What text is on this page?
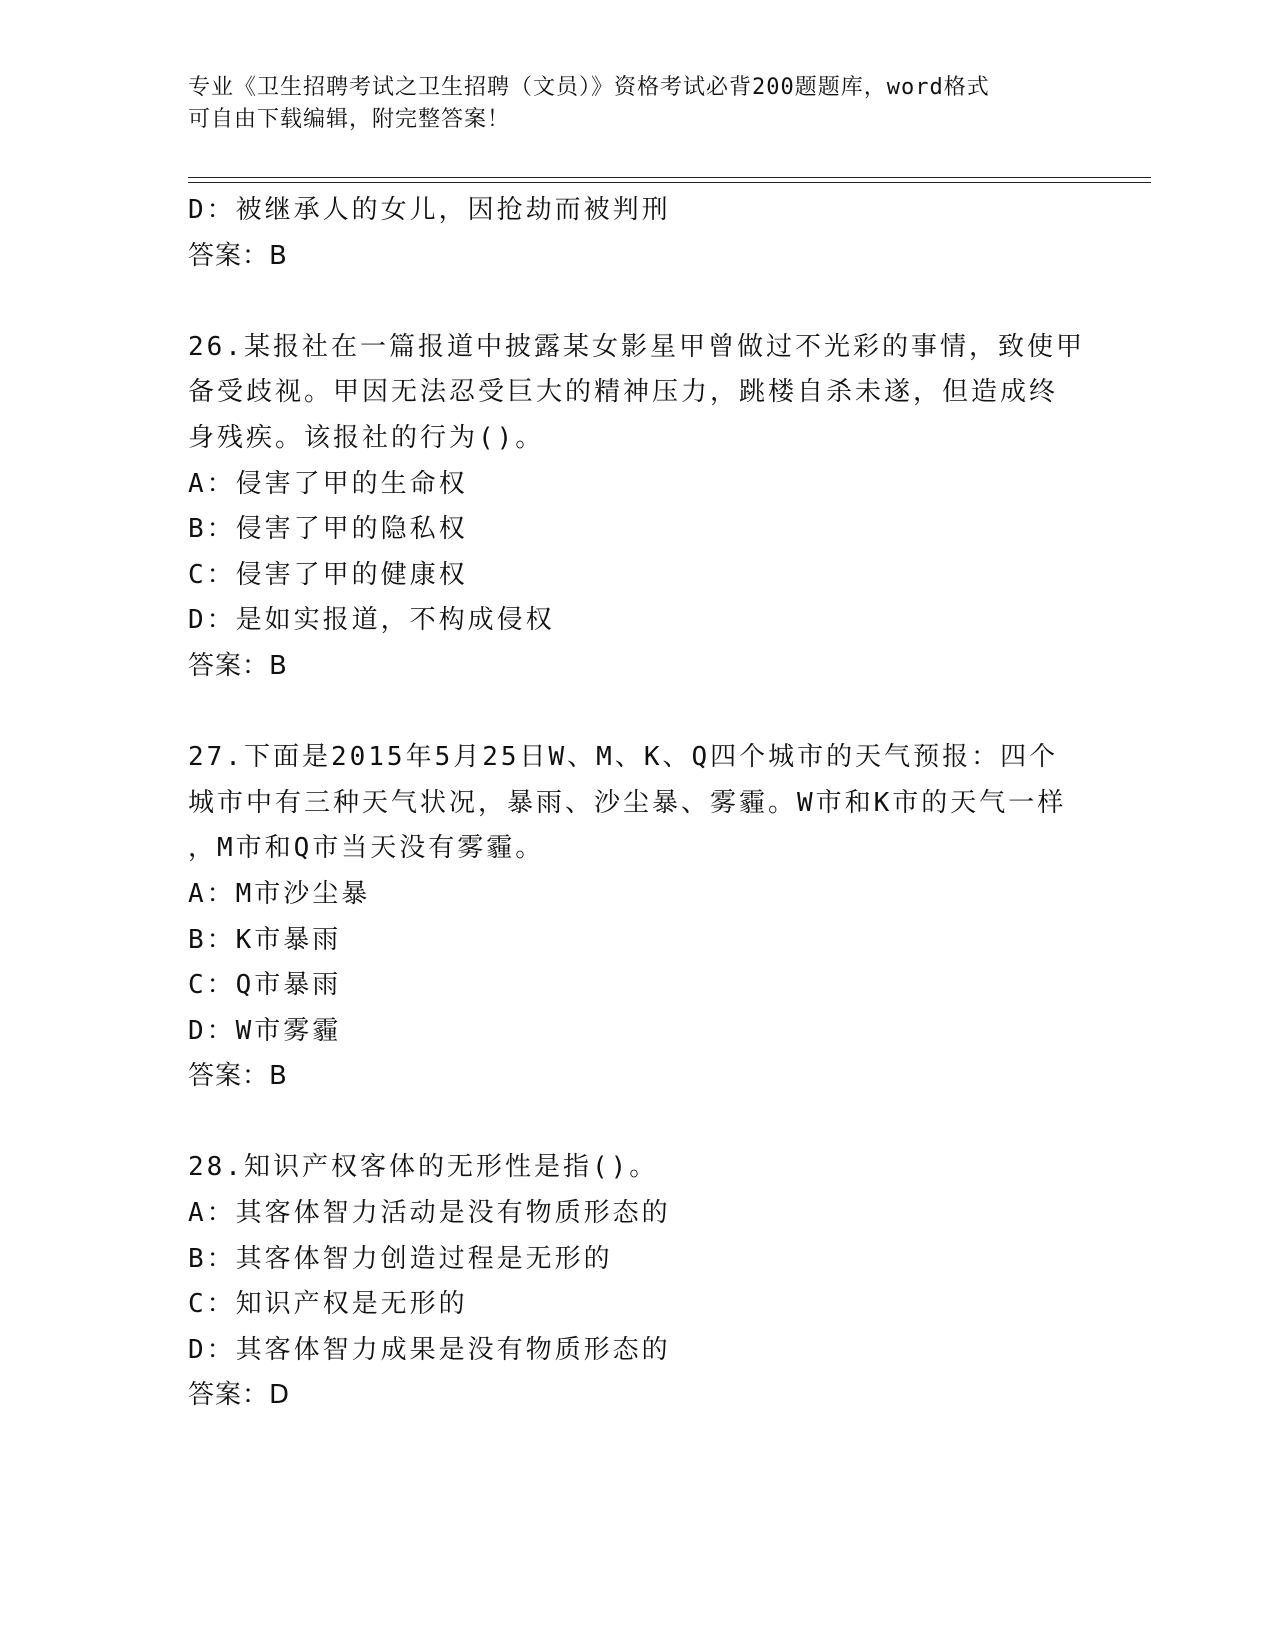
专业《卫生招聘考试之卫生招聘（文员）》资格考试必背200题题库，word格式

可自由下载编辑，附完整答案！

D：被继承人的女儿，因抢劫而被判刑

答案：B

26.某报社在一篇报道中披露某女影星甲曾做过不光彩的事情，致使甲

备受歧视。甲因无法忍受巨大的精神压力，跳楼自杀未遂，但造成终

身残疾。该报社的行为()。

A：侵害了甲的生命权

B：侵害了甲的隐私权

C：侵害了甲的健康权

D：是如实报道，不构成侵权

答案：B

27.下面是2015年5月25日W、M、K、Q四个城市的天气预报：四个

城市中有三种天气状况，暴雨、沙尘暴、雾霾。W市和K市的天气一样

，M市和Q市当天没有雾霾。

A：M市沙尘暴

B：K市暴雨

C：Q市暴雨

D：W市雾霾

答案：B

28.知识产权客体的无形性是指()。

A：其客体智力活动是没有物质形态的

B：其客体智力创造过程是无形的

C：知识产权是无形的

D：其客体智力成果是没有物质形态的

答案：D
